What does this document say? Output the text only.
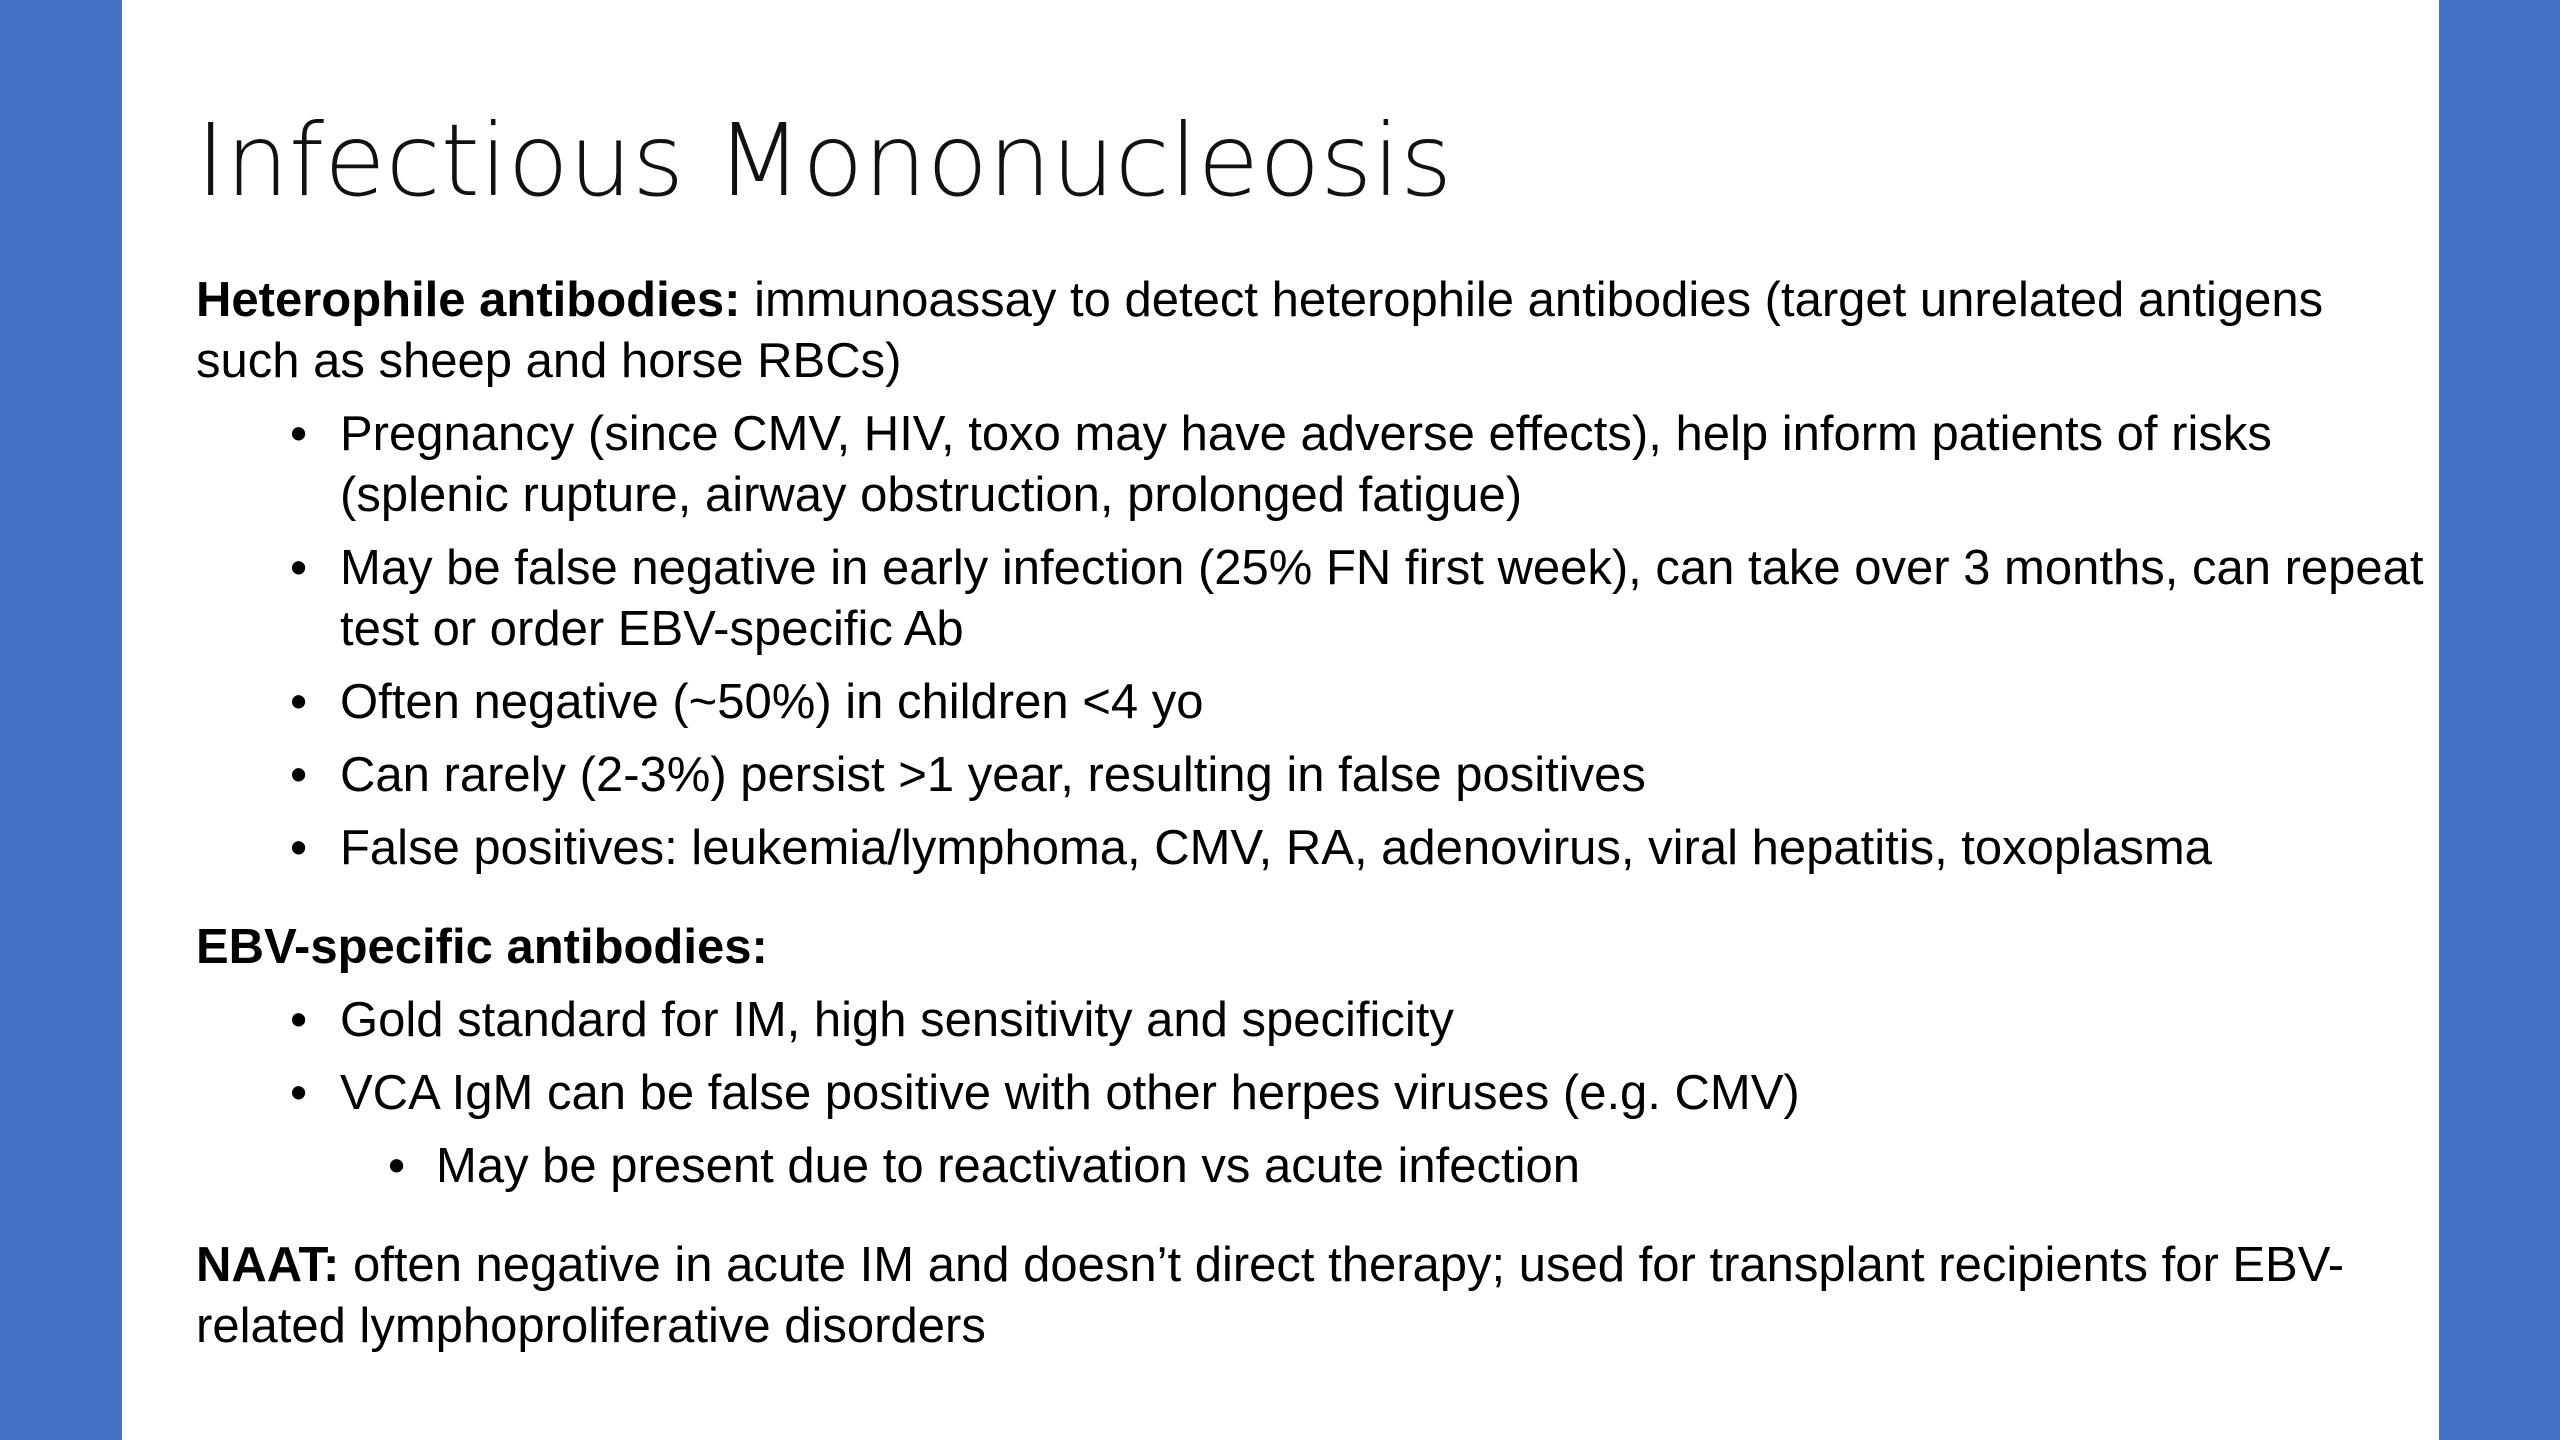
Infectious Mononucleosis

Heterophile antibodies: immunoassay to detect heterophile antibodies (target unrelated antigens such as sheep and horse RBCs)

• Pregnancy (since CMV, HIV, toxo may have adverse effects), help inform patients of risks (splenic rupture, airway obstruction, prolonged fatigue)
• May be false negative in early infection (25% FN first week), can take over 3 months, can repeat test or order EBV-specific Ab
• Often negative (~50%) in children <4 yo
• Can rarely (2-3%) persist >1 year, resulting in false positives
• False positives: leukemia/lymphoma, CMV, RA, adenovirus, viral hepatitis, toxoplasma

EBV-specific antibodies:

• Gold standard for IM, high sensitivity and specificity
• VCA IgM can be false positive with other herpes viruses (e.g. CMV)
• May be present due to reactivation vs acute infection

NAAT: often negative in acute IM and doesn’t direct therapy; used for transplant recipients for EBV-related lymphoproliferative disorders
